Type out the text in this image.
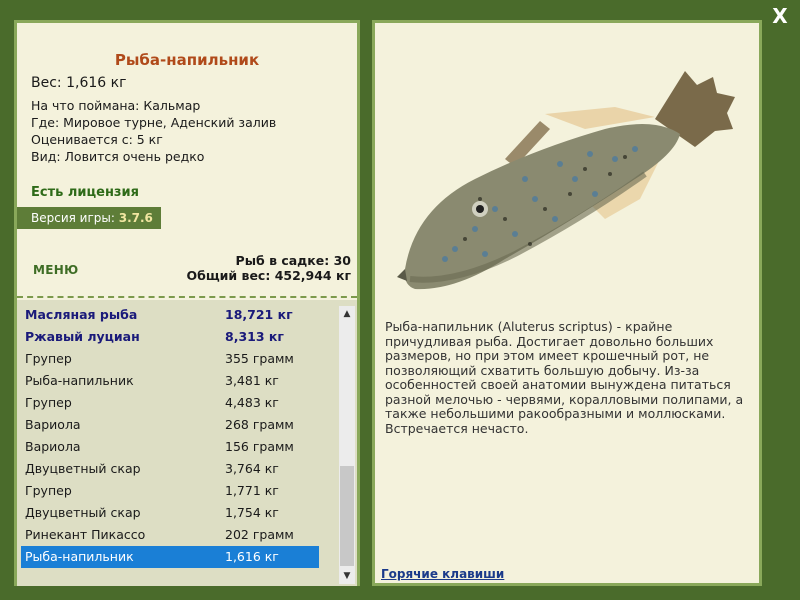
X
Рыба-напильник
Вес: 1,616 кг
На что поймана: Кальмар
Где: Мировое турне, Аденский залив
Оценивается с: 5 кг
Вид: Ловится очень редко
Есть лицензия
Версия игры: 3.7.6
МЕНЮ
Рыб в садке: 30
Общий вес: 452,944 кг
▲
▼
Масляная рыба	18,721 кг
Ржавый луциан	8,313 кг
Групер	355 грамм
Рыба-напильник	3,481 кг
Групер	4,483 кг
Вариола	268 грамм
Вариола	156 грамм
Двуцветный скар	3,764 кг
Групер	1,771 кг
Двуцветный скар	1,754 кг
Ринекант Пикассо	202 грамм
Рыба-напильник	1,616 кг
Рыба-напильник (Aluterus scriptus) - крайне причудливая рыба. Достигает довольно больших размеров, но при этом имеет крошечный рот, не позволяющий схватить большую добычу. Из-за особенностей своей анатомии вынуждена питаться разной мелочью - червями, коралловыми полипами, а также небольшими ракообразными и моллюсками. Встречается нечасто.
Горячие клавиши
